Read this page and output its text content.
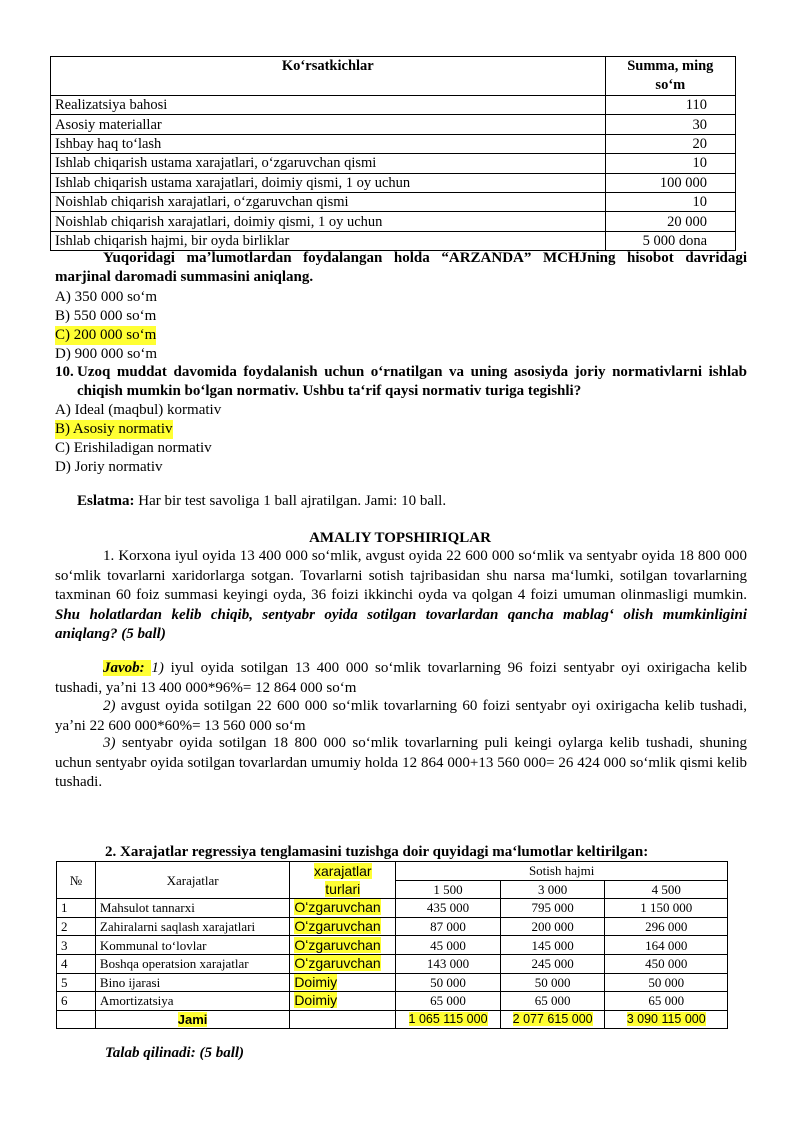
Koʻrsatkichlar	Summa, ming
soʻm
Realizatsiya bahosi	110
Asosiy materiallar	30
Ishbay haq toʻlash	20
Ishlab chiqarish ustama xarajatlari, oʻzgaruvchan qismi	10
Ishlab chiqarish ustama xarajatlari, doimiy qismi, 1 oy uchun	100 000
Noishlab chiqarish xarajatlari, oʻzgaruvchan qismi	10
Noishlab chiqarish xarajatlari, doimiy qismi, 1 oy uchun	20 000
Ishlab chiqarish hajmi, bir oyda birliklar	5 000 dona
Yuqoridagi maʼlumotlardan foydalangan holda “ARZANDA” MCHJning hisobot davridagi marjinal daromadi summasini aniqlang.
A) 350 000 soʻm
B) 550 000 soʻm
C) 200 000 soʻm
D) 900 000 soʻm
10. Uzoq muddat davomida foydalanish uchun oʻrnatilgan va uning asosiyda joriy normativlarni ishlab chiqish mumkin boʻlgan normativ. Ushbu taʻrif qaysi normativ turiga tegishli?
A) Ideal (maqbul) kormativ
B) Asosiy normativ
C) Erishiladigan normativ
D) Joriy normativ
Eslatma: Har bir test savoliga 1 ball ajratilgan. Jami: 10 ball.
AMALIY TOPSHIRIQLAR
1. Korxona iyul oyida 13 400 000 soʻmlik, avgust oyida 22 600 000 soʻmlik va sentyabr oyida 18 800 000 soʻmlik tovarlarni xaridorlarga sotgan. Tovarlarni sotish tajribasidan shu narsa maʻlumki, sotilgan tovarlarning taxminan 60 foiz summasi keyingi oyda, 36 foizi ikkinchi oyda va qolgan 4 foizi umuman olinmasligi mumkin. Shu holatlardan kelib chiqib, sentyabr oyida sotilgan tovarlardan qancha mablagʻ olish mumkinligini aniqlang? (5 ball)
Javob: 1) iyul oyida sotilgan 13 400 000 soʻmlik tovarlarning 96 foizi sentyabr oyi oxirigacha kelib tushadi, yaʼni 13 400 000*96%= 12 864 000 soʻm
2) avgust oyida sotilgan 22 600 000 soʻmlik tovarlarning 60 foizi sentyabr oyi oxirigacha kelib tushadi, yaʼni 22 600 000*60%= 13 560 000 soʻm
3) sentyabr oyida sotilgan 18 800 000 soʻmlik tovarlarning puli keingi oylarga kelib tushadi, shuning uchun sentyabr oyida sotilgan tovarlardan umumiy holda 12 864 000+13 560 000= 26 424 000 soʻmlik qismi kelib tushadi.
2. Xarajatlar regressiya tenglamasini tuzishga doir quyidagi maʻlumotlar keltirilgan:
№	Xarajatlar	xarajatlar
turlari	Sotish hajmi		
			1 500	3 000	4 500
1	Mahsulot tannarxi	Oʻzgaruvchan	435 000	795 000	1 150 000
2	Zahiralarni saqlash xarajatlari	Oʻzgaruvchan	87 000	200 000	296 000
3	Kommunal toʻlovlar	Oʻzgaruvchan	45 000	145 000	164 000
4	Boshqa operatsion xarajatlar	Oʻzgaruvchan	143 000	245 000	450 000
5	Bino ijarasi	Doimiy	50 000	50 000	50 000
6	Amortizatsiya	Doimiy	65 000	65 000	65 000
	Jami		1 065 115 000	2 077 615 000	3 090 115 000
Talab qilinadi: (5 ball)
